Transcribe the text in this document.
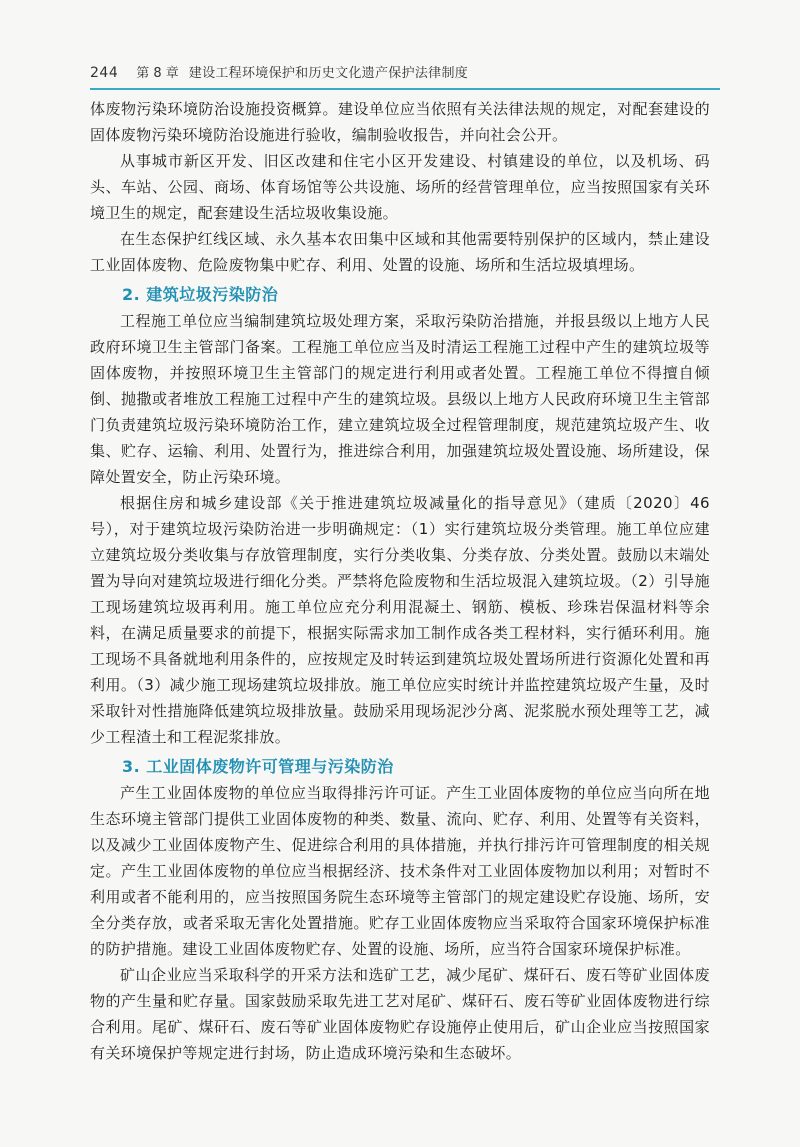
244 第 8 章 建设工程环境保护和历史文化遗产保护法律制度

体废物污染环境防治设施投资概算。建设单位应当依照有关法律法规的规定，对配套建设的固体废物污染环境防治设施进行验收，编制验收报告，并向社会公开。

从事城市新区开发、旧区改建和住宅小区开发建设、村镇建设的单位，以及机场、码头、车站、公园、商场、体育场馆等公共设施、场所的经营管理单位，应当按照国家有关环境卫生的规定，配套建设生活垃圾收集设施。

在生态保护红线区域、永久基本农田集中区域和其他需要特别保护的区域内，禁止建设工业固体废物、危险废物集中贮存、利用、处置的设施、场所和生活垃圾填埋场。

2. 建筑垃圾污染防治

工程施工单位应当编制建筑垃圾处理方案，采取污染防治措施，并报县级以上地方人民政府环境卫生主管部门备案。工程施工单位应当及时清运工程施工过程中产生的建筑垃圾等固体废物，并按照环境卫生主管部门的规定进行利用或者处置。工程施工单位不得擅自倾倒、抛撒或者堆放工程施工过程中产生的建筑垃圾。县级以上地方人民政府环境卫生主管部门负责建筑垃圾污染环境防治工作，建立建筑垃圾全过程管理制度，规范建筑垃圾产生、收集、贮存、运输、利用、处置行为，推进综合利用，加强建筑垃圾处置设施、场所建设，保障处置安全，防止污染环境。

根据住房和城乡建设部《关于推进建筑垃圾减量化的指导意见》（建质〔2020〕46号），对于建筑垃圾污染防治进一步明确规定：（1）实行建筑垃圾分类管理。施工单位应建立建筑垃圾分类收集与存放管理制度，实行分类收集、分类存放、分类处置。鼓励以末端处置为导向对建筑垃圾进行细化分类。严禁将危险废物和生活垃圾混入建筑垃圾。（2）引导施工现场建筑垃圾再利用。施工单位应充分利用混凝土、钢筋、模板、珍珠岩保温材料等余料，在满足质量要求的前提下，根据实际需求加工制作成各类工程材料，实行循环利用。施工现场不具备就地利用条件的，应按规定及时转运到建筑垃圾处置场所进行资源化处置和再利用。（3）减少施工现场建筑垃圾排放。施工单位应实时统计并监控建筑垃圾产生量，及时采取针对性措施降低建筑垃圾排放量。鼓励采用现场泥沙分离、泥浆脱水预处理等工艺，减少工程渣土和工程泥浆排放。

3. 工业固体废物许可管理与污染防治

产生工业固体废物的单位应当取得排污许可证。产生工业固体废物的单位应当向所在地生态环境主管部门提供工业固体废物的种类、数量、流向、贮存、利用、处置等有关资料，以及减少工业固体废物产生、促进综合利用的具体措施，并执行排污许可管理制度的相关规定。产生工业固体废物的单位应当根据经济、技术条件对工业固体废物加以利用；对暂时不利用或者不能利用的，应当按照国务院生态环境等主管部门的规定建设贮存设施、场所，安全分类存放，或者采取无害化处置措施。贮存工业固体废物应当采取符合国家环境保护标准的防护措施。建设工业固体废物贮存、处置的设施、场所，应当符合国家环境保护标准。

矿山企业应当采取科学的开采方法和选矿工艺，减少尾矿、煤矸石、废石等矿业固体废物的产生量和贮存量。国家鼓励采取先进工艺对尾矿、煤矸石、废石等矿业固体废物进行综合利用。尾矿、煤矸石、废石等矿业固体废物贮存设施停止使用后，矿山企业应当按照国家有关环境保护等规定进行封场，防止造成环境污染和生态破坏。
